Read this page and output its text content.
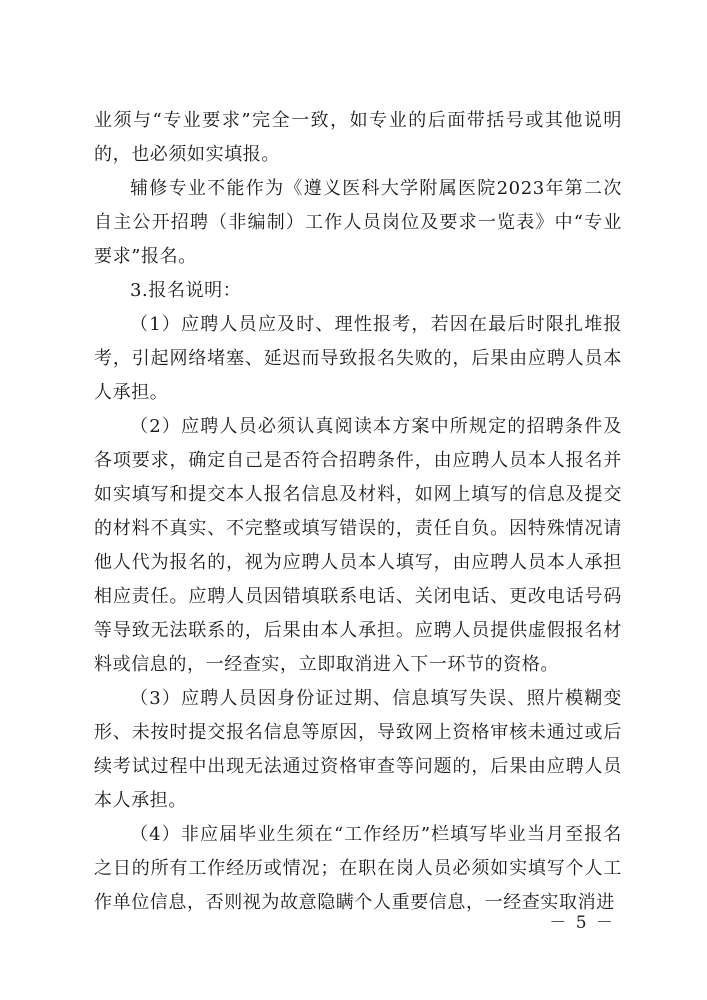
业须与“专业要求”完全一致，如专业的后面带括号或其他说明的，也必须如实填报。

辅修专业不能作为《遵义医科大学附属医院2023年第二次自主公开招聘（非编制）工作人员岗位及要求一览表》中“专业要求”报名。

3.报名说明：

（1）应聘人员应及时、理性报考，若因在最后时限扎堆报考，引起网络堵塞、延迟而导致报名失败的，后果由应聘人员本人承担。

（2）应聘人员必须认真阅读本方案中所规定的招聘条件及各项要求，确定自己是否符合招聘条件，由应聘人员本人报名并如实填写和提交本人报名信息及材料，如网上填写的信息及提交的材料不真实、不完整或填写错误的，责任自负。因特殊情况请他人代为报名的，视为应聘人员本人填写，由应聘人员本人承担相应责任。应聘人员因错填联系电话、关闭电话、更改电话号码等导致无法联系的，后果由本人承担。应聘人员提供虚假报名材料或信息的，一经查实，立即取消进入下一环节的资格。

（3）应聘人员因身份证过期、信息填写失误、照片模糊变形、未按时提交报名信息等原因，导致网上资格审核未通过或后续考试过程中出现无法通过资格审查等问题的，后果由应聘人员本人承担。

（4）非应届毕业生须在“工作经历”栏填写毕业当月至报名之日的所有工作经历或情况；在职在岗人员必须如实填写个人工作单位信息，否则视为故意隐瞒个人重要信息，一经查实取消进

－ 5 －
